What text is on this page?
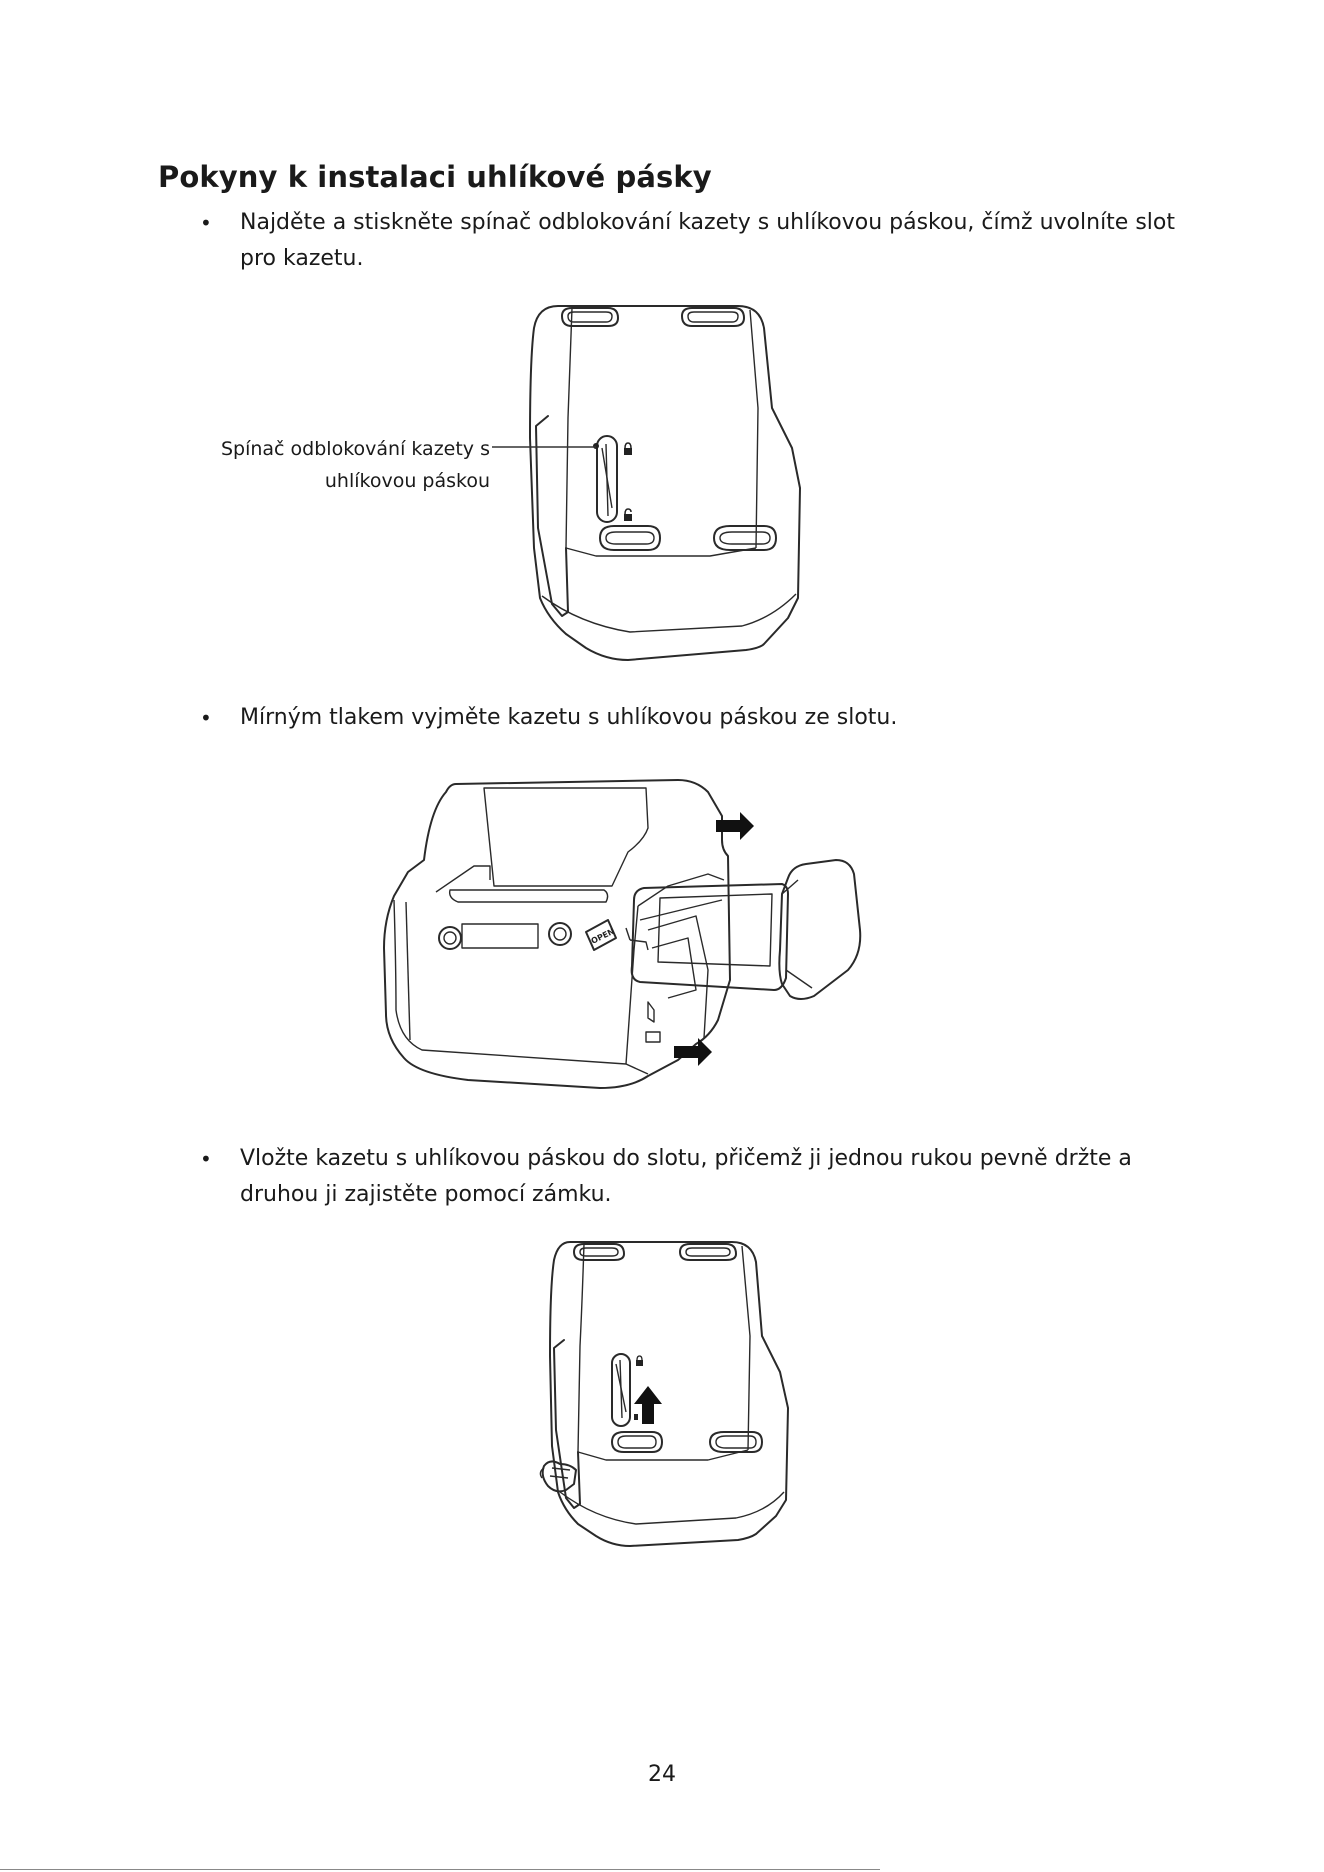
Pokyny k instalaci uhlíkové pásky
• Najděte a stiskněte spínač odblokování kazety s uhlíkovou páskou, čímž uvolníte slot pro kazetu.
Spínač odblokování kazety s
uhlíkovou páskou
• Mírným tlakem vyjměte kazetu s uhlíkovou páskou ze slotu.
OPEN
• Vložte kazetu s uhlíkovou páskou do slotu, přičemž ji jednou rukou pevně držte a druhou ji zajistěte pomocí zámku.
24
